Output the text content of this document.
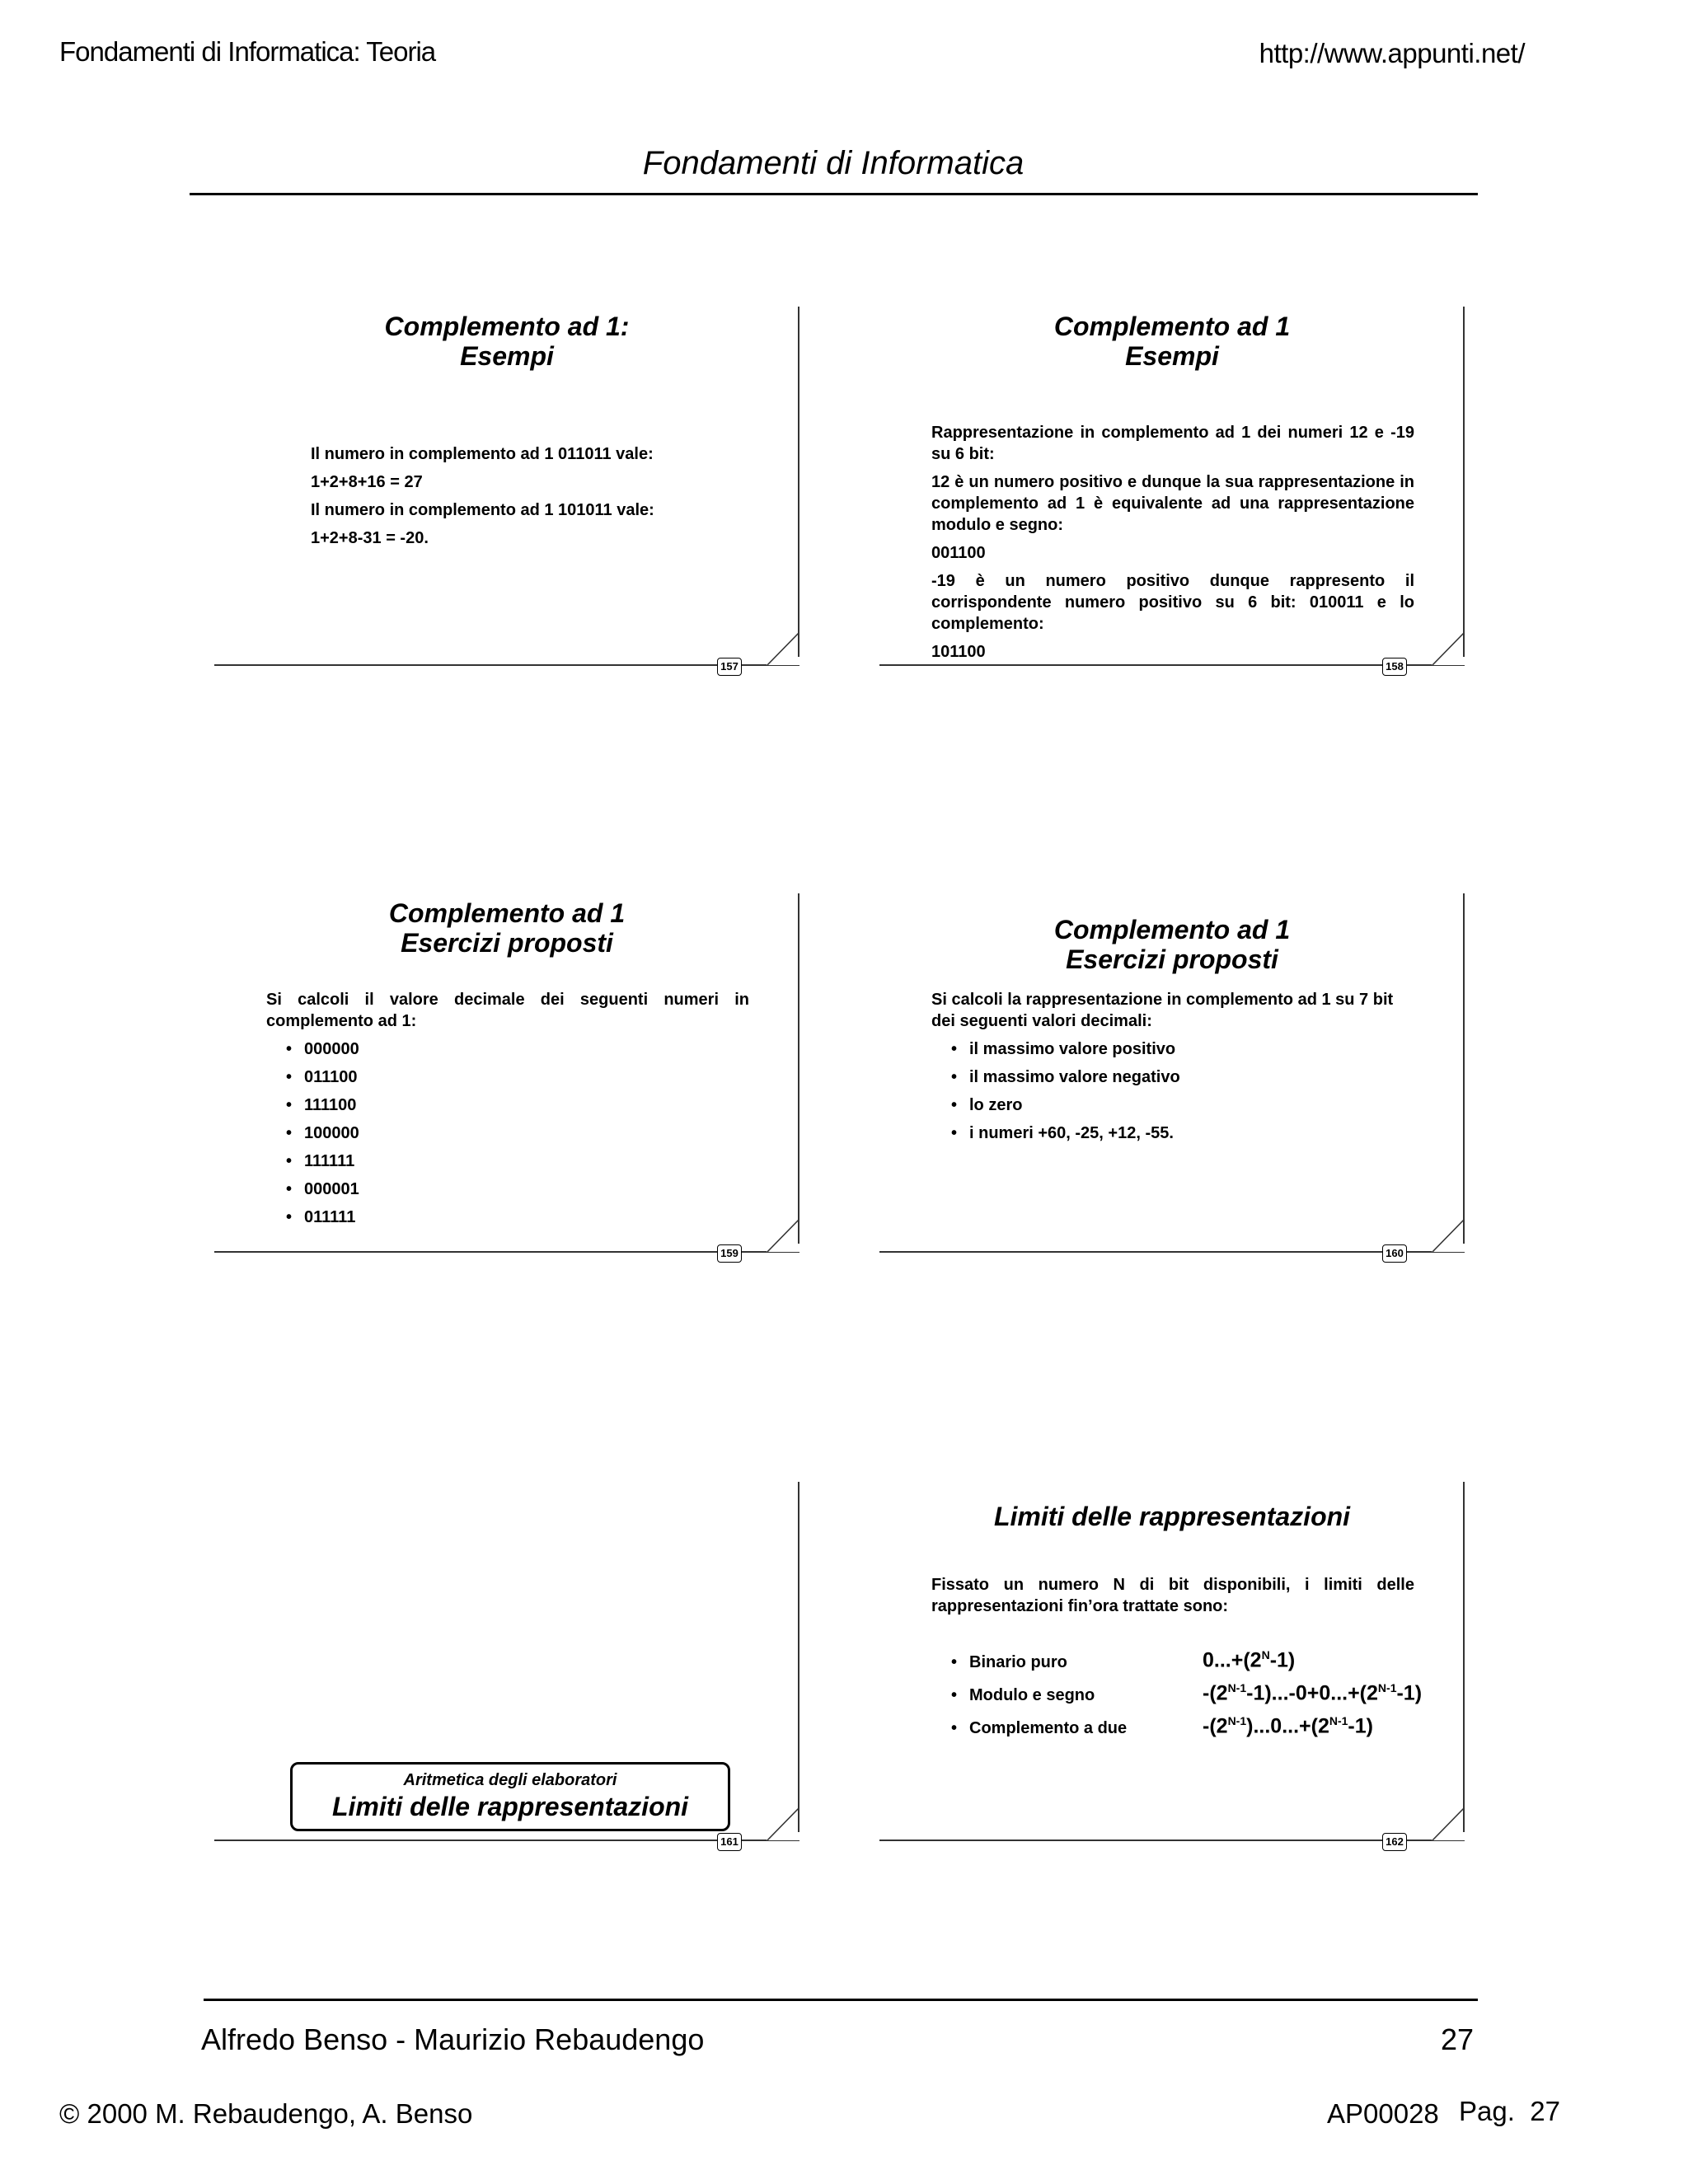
Fondamenti di Informatica: Teoria	http://www.appunti.net/
Fondamenti di Informatica
157
Complemento ad 1:
Esempi

Il numero in complemento ad 1 011011 vale:

1+2+8+16 = 27

Il numero in complemento ad 1 101011 vale:

1+2+8-31 = -20.

158
Complemento ad 1
Esempi

Rappresentazione in complemento ad 1 dei numeri 12 e -19 su 6 bit:

12 è un numero positivo e dunque la sua rappresentazione in complemento ad 1 è equivalente ad una rappresentazione modulo e segno:

001100

-19 è un numero positivo dunque rappresento il corrispondente numero positivo su 6 bit: 010011 e lo complemento:

101100

159
Complemento ad 1
Esercizi proposti

Si calcoli il valore decimale dei seguenti numeri in complemento ad 1:

• 000000
• 011100
• 111100
• 100000
• 111111
• 000001
• 011111
160
Complemento ad 1
Esercizi proposti

Si calcoli la rappresentazione in complemento ad 1 su 7 bit dei seguenti valori decimali:

• il massimo valore positivo
• il massimo valore negativo
• lo zero
• i numeri +60, -25, +12, -55.
161
Aritmetica degli elaboratori
Limiti delle rappresentazioni
162
Limiti delle rappresentazioni

Fissato un numero N di bit disponibili, i limiti delle rappresentazioni fin’ora trattate sono:

• Binario puro	$0...+(2^N-1)$
• Modulo e segno	$-(2^{N-1}-1)...-0+0...+(2^{N-1}-1)$
• Complemento a due	$-(2^{N-1})...0...+(2^{N-1}-1)$
Alfredo Benso - Maurizio Rebaudengo	27
© 2000 M. Rebaudengo, A. Benso	AP00028 Pag. 27
